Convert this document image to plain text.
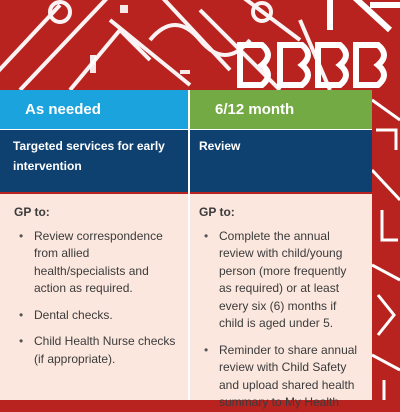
As needed
Targeted services for early intervention
GP to:
• Review correspondence from allied health/specialists and action as required.
• Dental checks.
• Child Health Nurse checks (if appropriate).
6/12 month
Review
GP to:
• Complete the annual review with child/young person (more frequently as required) or at least every six (6) months if child is aged under 5.
• Reminder to share annual review with Child Safety and upload shared health summary to My Health
